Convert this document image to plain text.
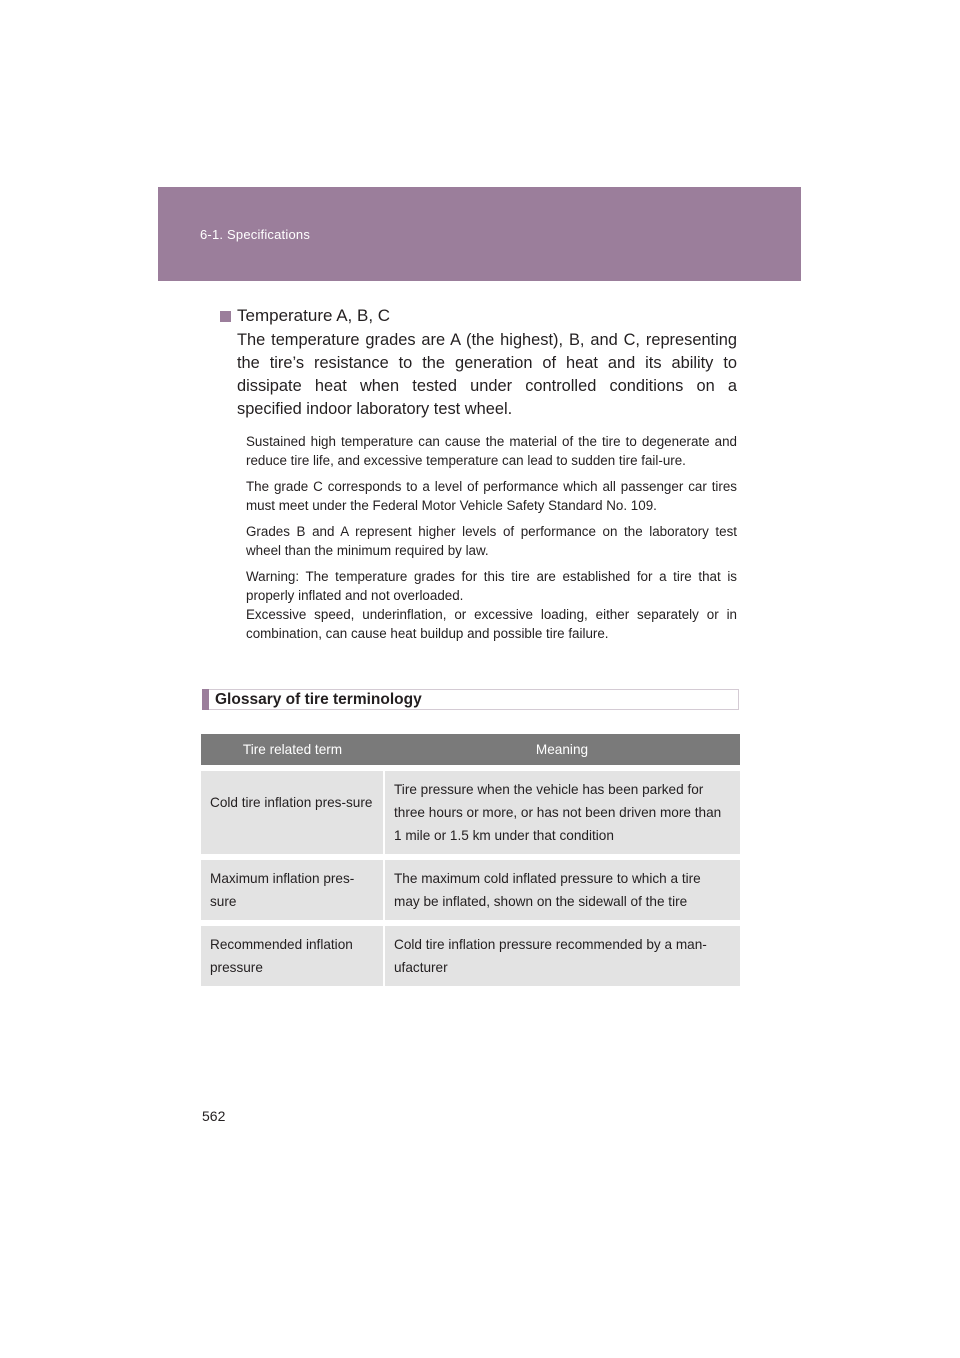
6-1. Specifications
Temperature A, B, C
The temperature grades are A (the highest), B, and C, representing the tire’s resistance to the generation of heat and its ability to dissipate heat when tested under controlled conditions on a specified indoor laboratory test wheel.

Sustained high temperature can cause the material of the tire to degenerate and reduce tire life, and excessive temperature can lead to sudden tire fail-ure.

The grade C corresponds to a level of performance which all passenger car tires must meet under the Federal Motor Vehicle Safety Standard No. 109.

Grades B and A represent higher levels of performance on the laboratory test wheel than the minimum required by law.

Warning: The temperature grades for this tire are established for a tire that is properly inflated and not overloaded.
Excessive speed, underinflation, or excessive loading, either separately or in combination, can cause heat buildup and possible tire failure.

Glossary of tire terminology
Tire related term	Meaning

Cold tire inflation pres-sure	Tire pressure when the vehicle has been parked for three hours or more, or has not been driven more than 1 mile or 1.5 km under that condition

Maximum inflation pres-sure	The maximum cold inflated pressure to which a tire may be inflated, shown on the sidewall of the tire

Recommended inflation pressure	Cold tire inflation pressure recommended by a man-ufacturer
562
